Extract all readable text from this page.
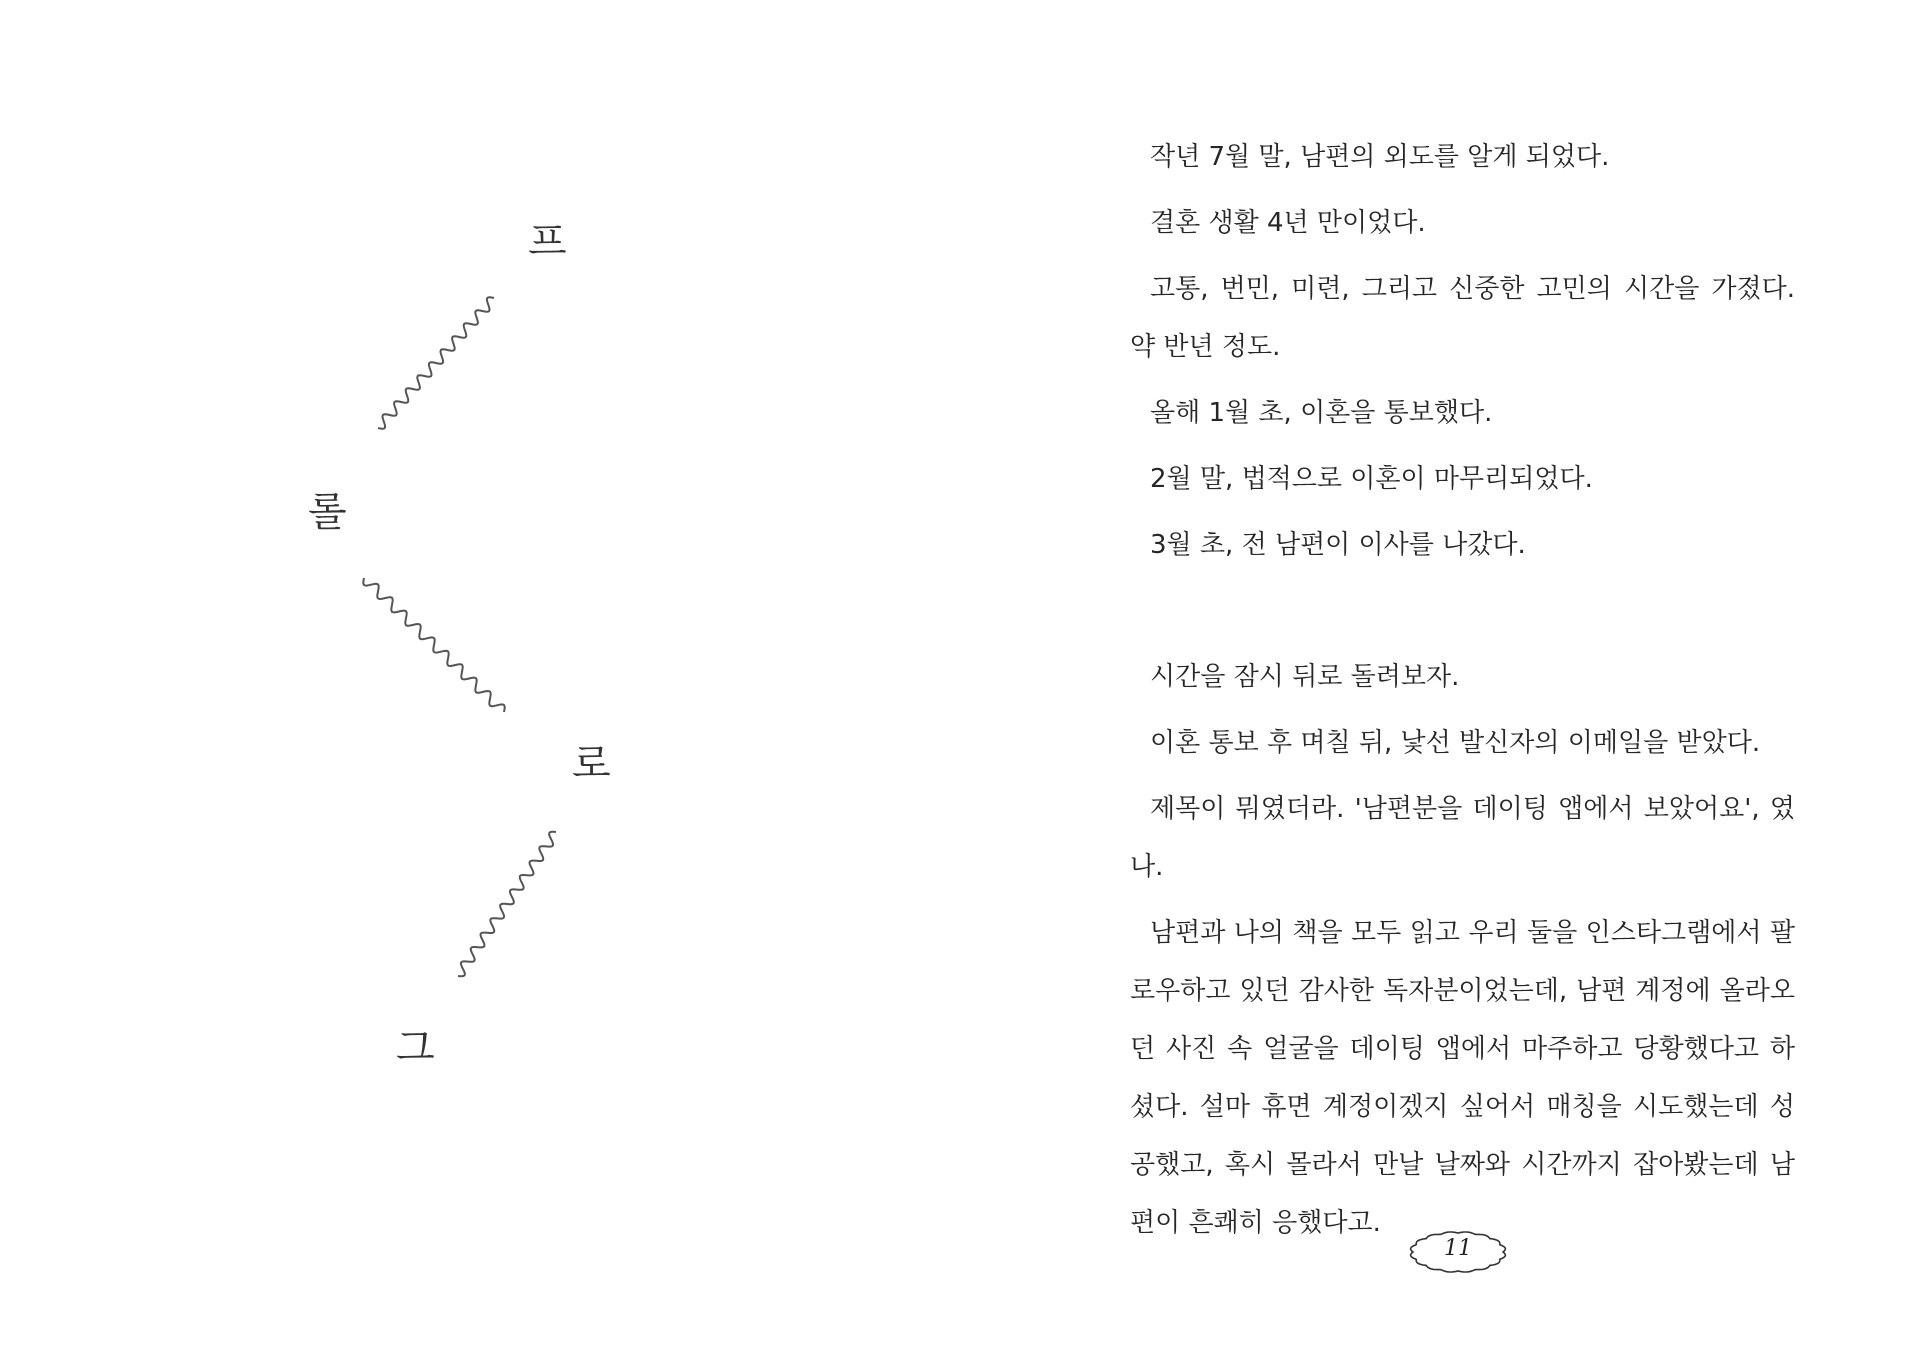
프
롤
로
그

작년 7월 말, 남편의 외도를 알게 되었다.

결혼 생활 4년 만이었다.

고통, 번민, 미련, 그리고 신중한 고민의 시간을 가졌다. 약 반년 정도.

올해 1월 초, 이혼을 통보했다.

2월 말, 법적으로 이혼이 마무리되었다.

3월 초, 전 남편이 이사를 나갔다.

시간을 잠시 뒤로 돌려보자.

이혼 통보 후 며칠 뒤, 낯선 발신자의 이메일을 받았다.

제목이 뭐였더라. '남편분을 데이팅 앱에서 보았어요', 였나.

남편과 나의 책을 모두 읽고 우리 둘을 인스타그램에서 팔로우하고 있던 감사한 독자분이었는데, 남편 계정에 올라오던 사진 속 얼굴을 데이팅 앱에서 마주하고 당황했다고 하셨다. 설마 휴면 계정이겠지 싶어서 매칭을 시도했는데 성공했고, 혹시 몰라서 만날 날짜와 시간까지 잡아봤는데 남편이 흔쾌히 응했다고.

11
